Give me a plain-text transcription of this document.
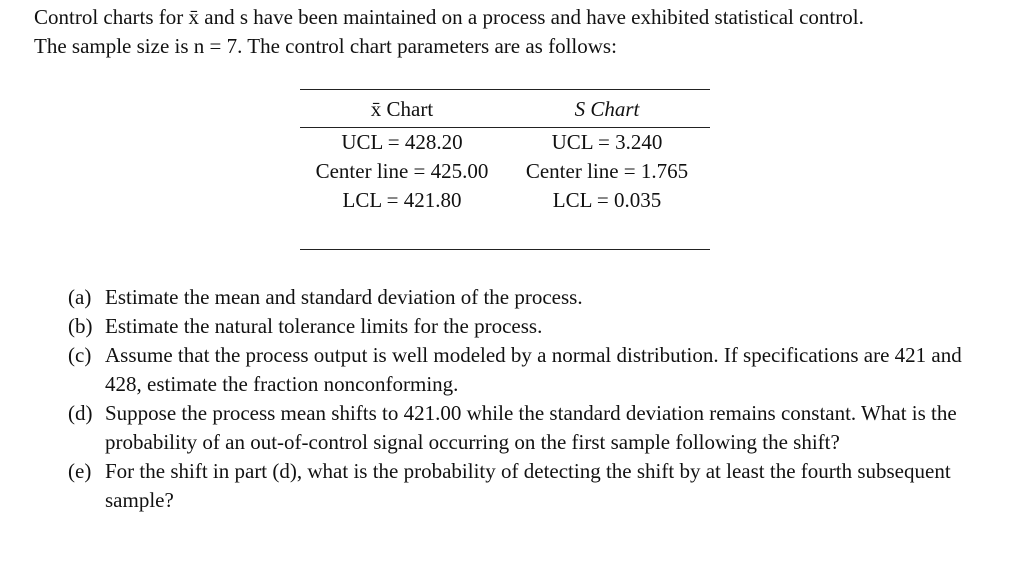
Control charts for x̄ and s have been maintained on a process and have exhibited statistical control.

The sample size is n = 7. The control chart parameters are as follows:

x̄ Chart	S Chart
UCL = 428.20	UCL = 3.240
Center line = 425.00	Center line = 1.765
LCL = 421.80	LCL = 0.035
(a) Estimate the mean and standard deviation of the process.
(b) Estimate the natural tolerance limits for the process.
(c) Assume that the process output is well modeled by a normal distribution. If specifications are 421 and 428, estimate the fraction nonconforming.
(d) Suppose the process mean shifts to 421.00 while the standard deviation remains constant. What is the probability of an out-of-control signal occurring on the first sample following the shift?
(e) For the shift in part (d), what is the probability of detecting the shift by at least the fourth subsequent sample?
